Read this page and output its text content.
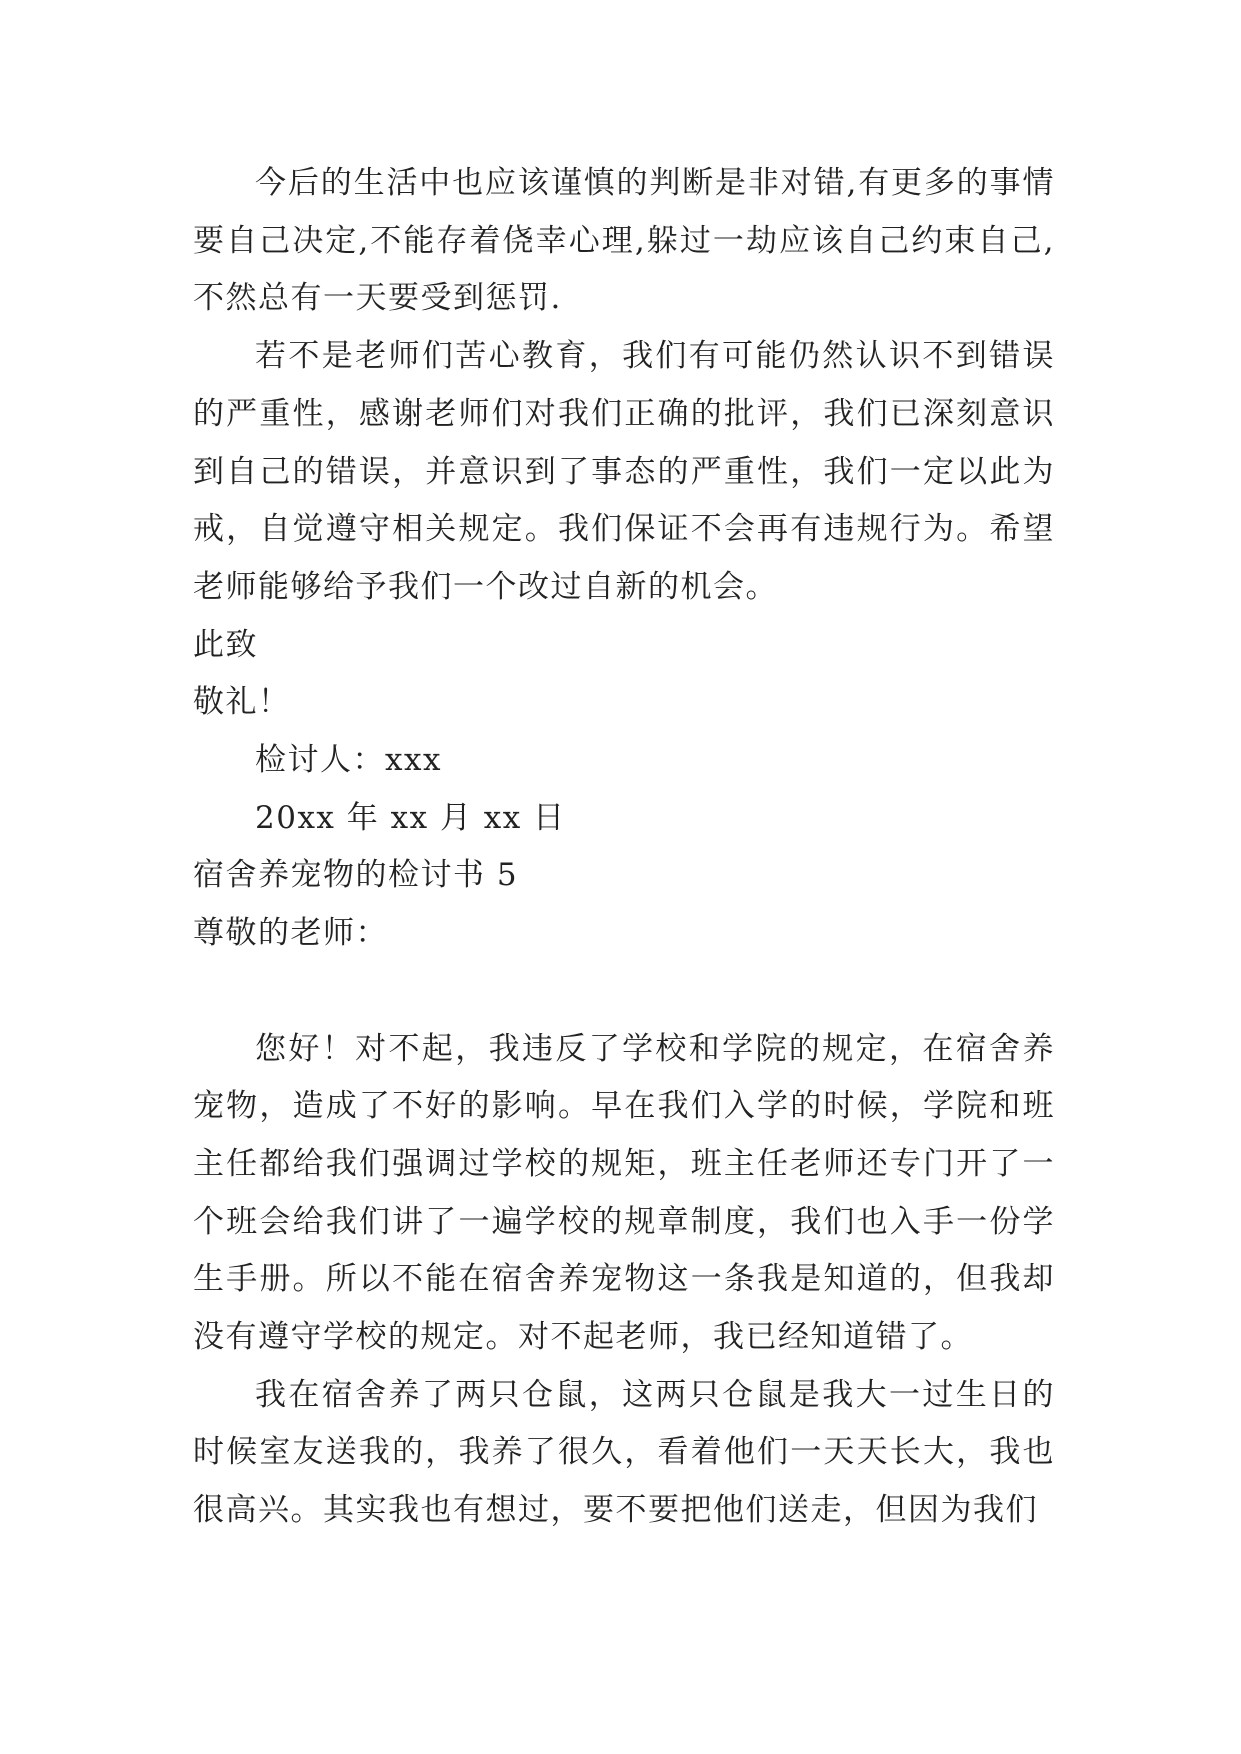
今后的生活中也应该谨慎的判断是非对错,有更多的事情要自己决定,不能存着侥幸心理,躲过一劫应该自己约束自己,不然总有一天要受到惩罚.

若不是老师们苦心教育，我们有可能仍然认识不到错误的严重性，感谢老师们对我们正确的批评，我们已深刻意识到自己的错误，并意识到了事态的严重性，我们一定以此为戒，自觉遵守相关规定。我们保证不会再有违规行为。希望老师能够给予我们一个改过自新的机会。

此致

敬礼！

检讨人：xxx

20xx 年 xx 月 xx 日

宿舍养宠物的检讨书 5

尊敬的老师：

您好！对不起，我违反了学校和学院的规定，在宿舍养宠物，造成了不好的影响。早在我们入学的时候，学院和班主任都给我们强调过学校的规矩，班主任老师还专门开了一个班会给我们讲了一遍学校的规章制度，我们也入手一份学生手册。所以不能在宿舍养宠物这一条我是知道的，但我却没有遵守学校的规定。对不起老师，我已经知道错了。

我在宿舍养了两只仓鼠，这两只仓鼠是我大一过生日的时候室友送我的，我养了很久，看着他们一天天长大，我也很高兴。其实我也有想过，要不要把他们送走，但因为我们
